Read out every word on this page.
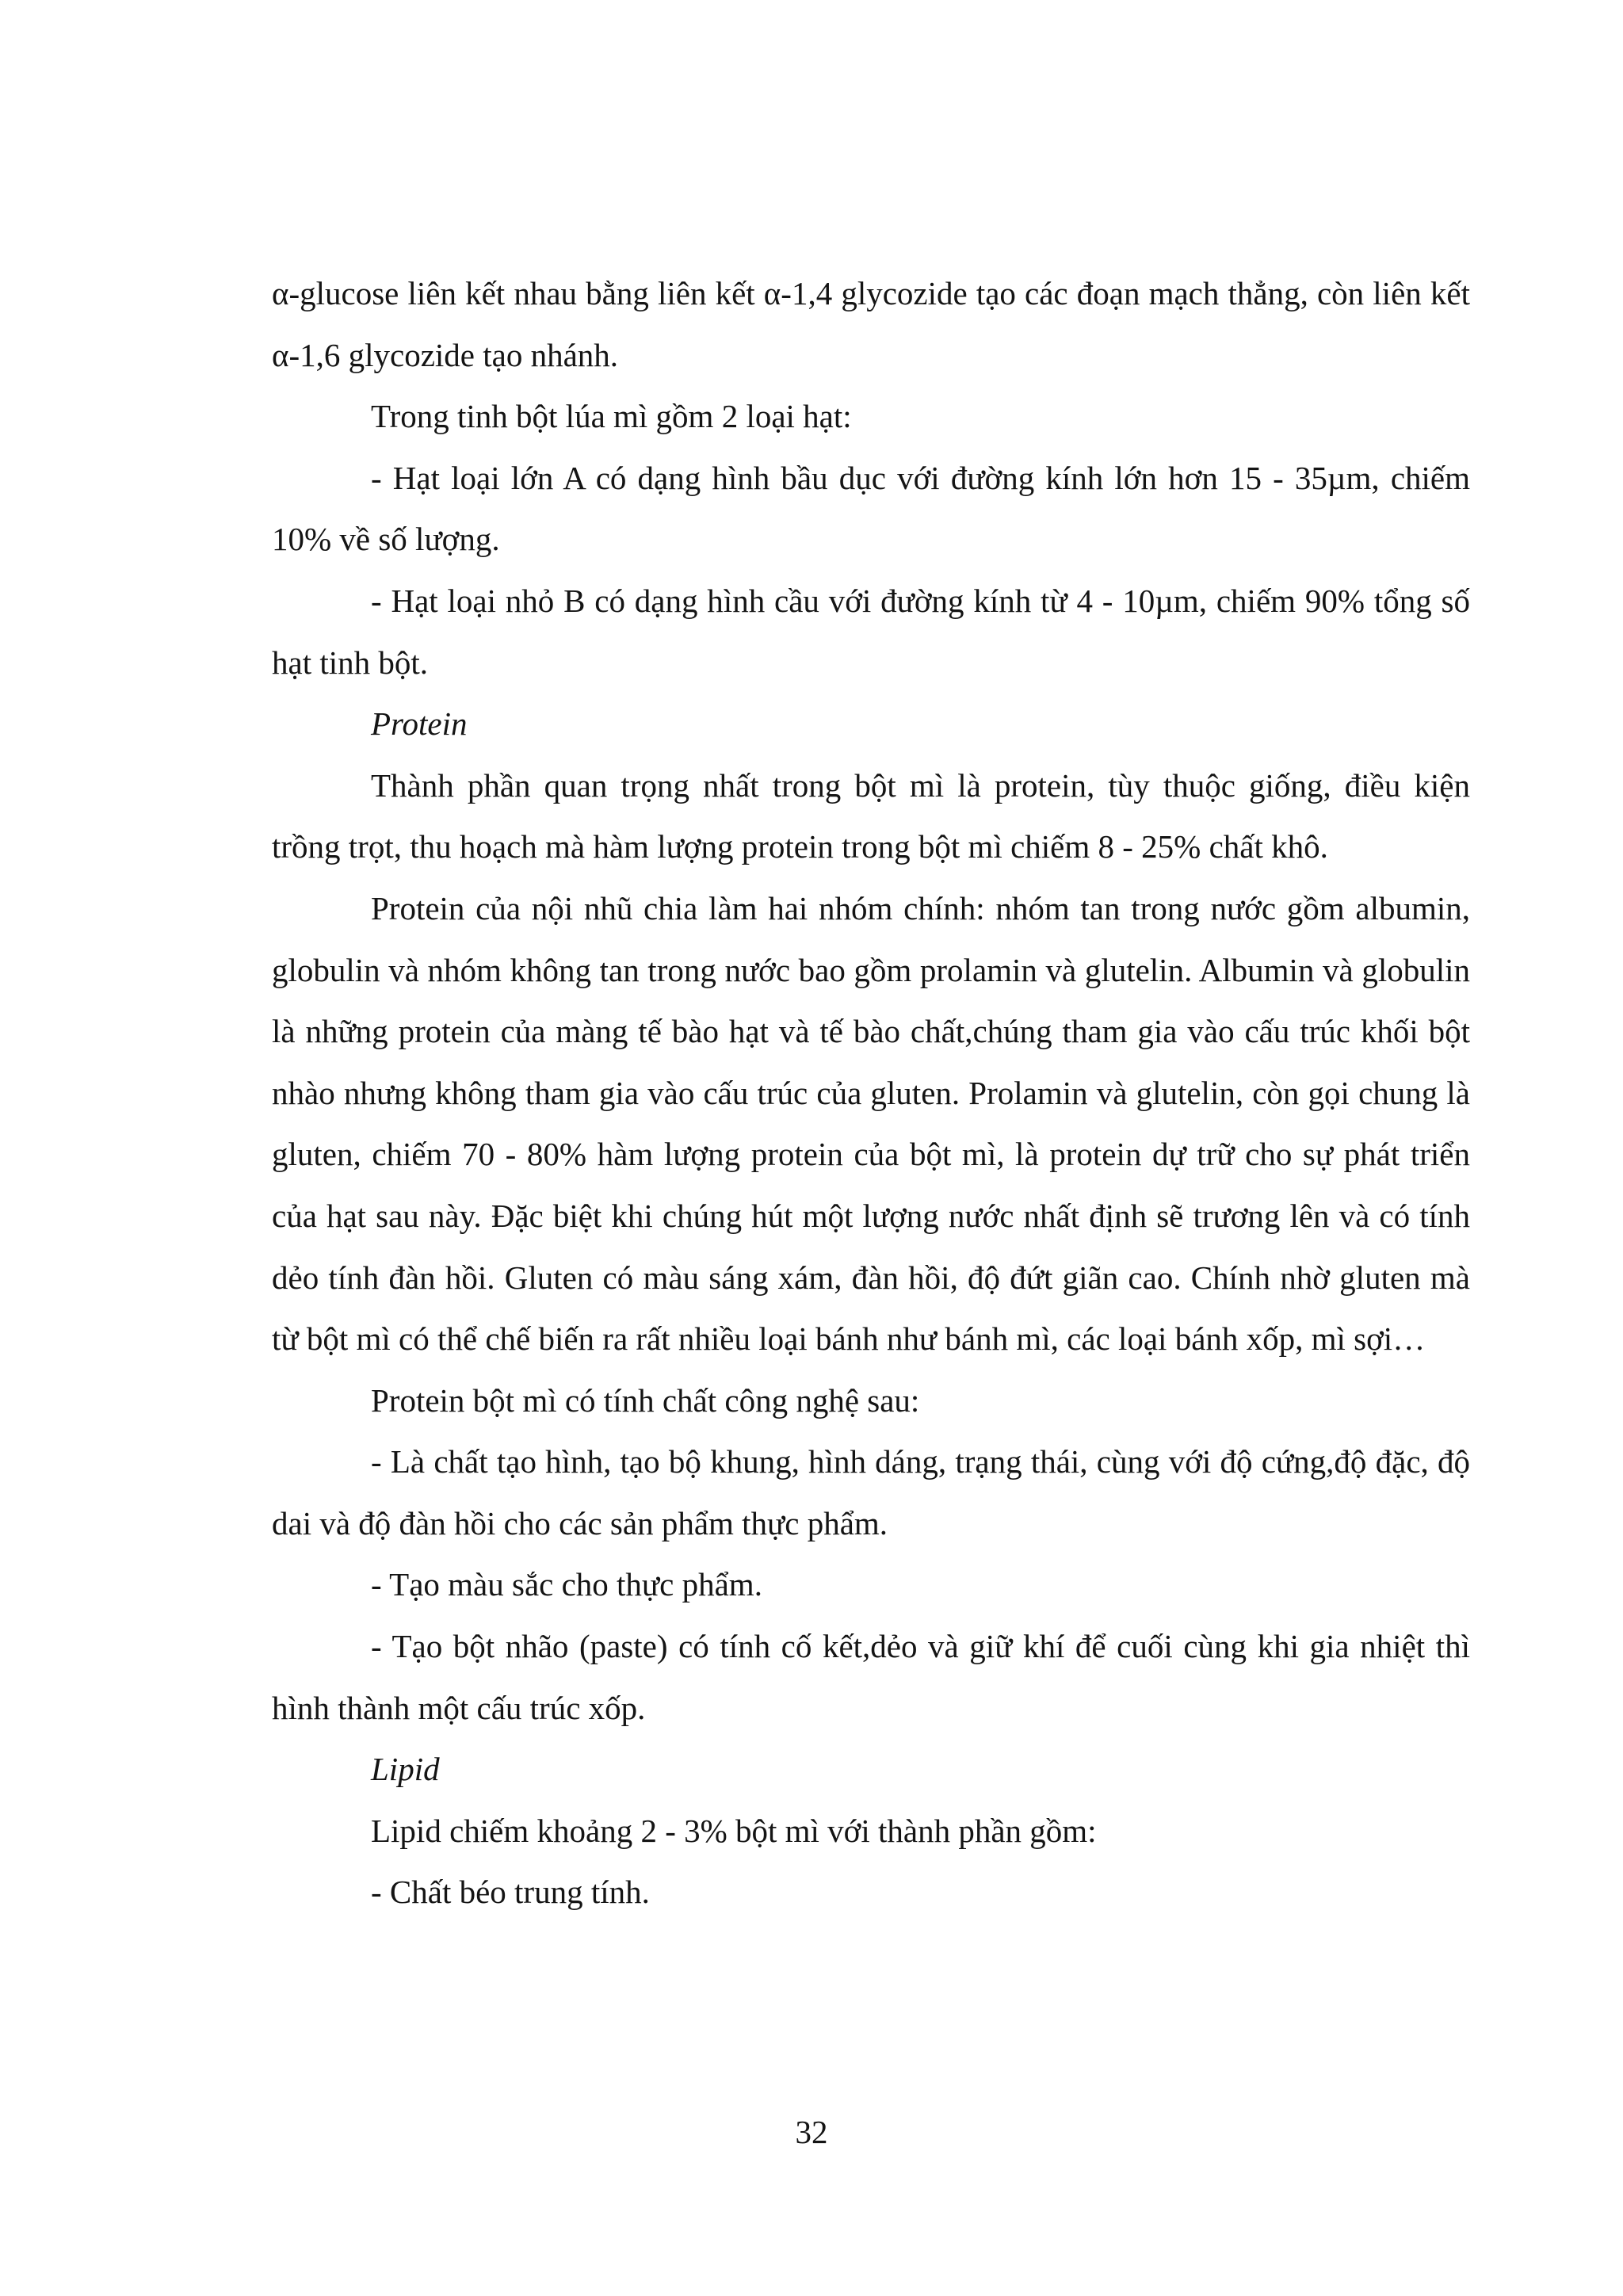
α-glucose liên kết nhau bằng liên kết α-1,4 glycozide tạo các đoạn mạch thẳng, còn liên kết α-1,6 glycozide tạo nhánh.

Trong tinh bột lúa mì gồm 2 loại hạt:

- Hạt loại lớn A có dạng hình bầu dục với đường kính lớn hơn 15 - 35µm, chiếm 10% về số lượng.

- Hạt loại nhỏ B có dạng hình cầu với đường kính từ 4 - 10µm, chiếm 90% tổng số hạt tinh bột.

Protein

Thành phần quan trọng nhất trong bột mì là protein, tùy thuộc giống, điều kiện trồng trọt, thu hoạch mà hàm lượng protein trong bột mì chiếm 8 - 25% chất khô.

Protein của nội nhũ chia làm hai nhóm chính: nhóm tan trong nước gồm albumin, globulin và nhóm không tan trong nước bao gồm prolamin và glutelin. Albumin và globulin là những protein của màng tế bào hạt và tế bào chất,chúng tham gia vào cấu trúc khối bột nhào nhưng không tham gia vào cấu trúc của gluten. Prolamin và glutelin, còn gọi chung là gluten, chiếm 70 - 80% hàm lượng protein của bột mì, là protein dự trữ cho sự phát triển của hạt sau này. Đặc biệt khi chúng hút một lượng nước nhất định sẽ trương lên và có tính dẻo tính đàn hồi. Gluten có màu sáng xám, đàn hồi, độ đứt giãn cao. Chính nhờ gluten mà từ bột mì có thể chế biến ra rất nhiều loại bánh như bánh mì, các loại bánh xốp, mì sợi…

Protein bột mì có tính chất công nghệ sau:

- Là chất tạo hình, tạo bộ khung, hình dáng, trạng thái, cùng với độ cứng,độ đặc, độ dai và độ đàn hồi cho các sản phẩm thực phẩm.

- Tạo màu sắc cho thực phẩm.

- Tạo bột nhão (paste) có tính cố kết,dẻo và giữ khí để cuối cùng khi gia nhiệt thì hình thành một cấu trúc xốp.

Lipid

Lipid chiếm khoảng 2 - 3% bột mì với thành phần gồm:

- Chất béo trung tính.

32
